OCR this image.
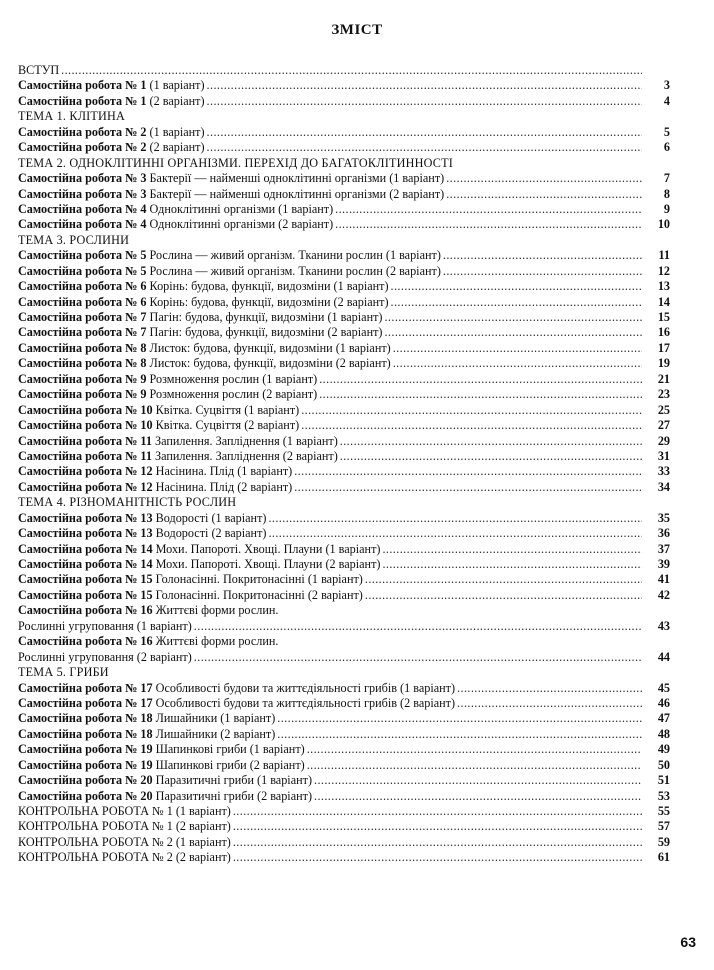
ЗМІСТ
ВСТУП
.....
Самостійна робота № 1 (1 варіант) .....	3
Самостійна робота № 1 (2 варіант) .....	4
ТЕМА 1. КЛІТИНА
Самостійна робота № 2 (1 варіант) .....	5
Самостійна робота № 2 (2 варіант) .....	6
ТЕМА 2. ОДНОКЛІТИННІ ОРГАНІЗМИ. ПЕРЕХІД ДО БАГАТОКЛІТИННОСТІ
Самостійна робота № 3 Бактерії — найменші одноклітинні організми (1 варіант) .....	7
Самостійна робота № 3 Бактерії — найменші одноклітинні організми (2 варіант) .....	8
Самостійна робота № 4 Одноклітинні організми (1 варіант) .....	9
Самостійна робота № 4 Одноклітинні організми (2 варіант) .....	10
ТЕМА 3. РОСЛИНИ
Самостійна робота № 5 Рослина — живий організм. Тканини рослин (1 варіант) .....	11
Самостійна робота № 5 Рослина — живий організм. Тканини рослин (2 варіант) .....	12
Самостійна робота № 6 Корінь: будова, функції, видозміни (1 варіант) .....	13
Самостійна робота № 6 Корінь: будова, функції, видозміни (2 варіант) .....	14
Самостійна робота № 7 Пагін: будова, функції, видозміни (1 варіант) .....	15
Самостійна робота № 7 Пагін: будова, функції, видозміни (2 варіант) .....	16
Самостійна робота № 8 Листок: будова, функції, видозміни (1 варіант) .....	17
Самостійна робота № 8 Листок: будова, функції, видозміни (2 варіант) .....	19
Самостійна робота № 9 Розмноження рослин (1 варіант) .....	21
Самостійна робота № 9 Розмноження рослин (2 варіант) .....	23
Самостійна робота № 10 Квітка. Суцвіття (1 варіант) .....	25
Самостійна робота № 10 Квітка. Суцвіття (2 варіант) .....	27
Самостійна робота № 11 Запилення. Запліднення (1 варіант) .....	29
Самостійна робота № 11 Запилення. Запліднення (2 варіант) .....	31
Самостійна робота № 12 Насінина. Плід (1 варіант) .....	33
Самостійна робота № 12 Насінина. Плід (2 варіант) .....	34
ТЕМА 4. РІЗНОМАНІТНІСТЬ РОСЛИН
Самостійна робота № 13 Водорості (1 варіант) .....	35
Самостійна робота № 13 Водорості (2 варіант) .....	36
Самостійна робота № 14 Мохи. Папороті. Хвощі. Плауни (1 варіант) .....	37
Самостійна робота № 14 Мохи. Папороті. Хвощі. Плауни (2 варіант) .....	39
Самостійна робота № 15 Голонасінні. Покритонасінні (1 варіант) .....	41
Самостійна робота № 15 Голонасінні. Покритонасінні (2 варіант) .....	42
Самостійна робота № 16 Життєві форми рослин.
Рослинні угруповання (1 варіант) .....	43
Самостійна робота № 16 Життєві форми рослин.
Рослинні угруповання (2 варіант) .....	44
ТЕМА 5. ГРИБИ
Самостійна робота № 17 Особливості будови та життєдіяльності грибів (1 варіант) .....	45
Самостійна робота № 17 Особливості будови та життєдіяльності грибів (2 варіант) .....	46
Самостійна робота № 18 Лишайники (1 варіант) .....	47
Самостійна робота № 18 Лишайники (2 варіант) .....	48
Самостійна робота № 19 Шапинкові гриби (1 варіант) .....	49
Самостійна робота № 19 Шапинкові гриби (2 варіант) .....	50
Самостійна робота № 20 Паразитичні гриби (1 варіант) .....	51
Самостійна робота № 20 Паразитичні гриби (2 варіант) .....	53
КОНТРОЛЬНА РОБОТА № 1 (1 варіант) .....	55
КОНТРОЛЬНА РОБОТА № 1 (2 варіант) .....	57
КОНТРОЛЬНА РОБОТА № 2 (1 варіант) .....	59
КОНТРОЛЬНА РОБОТА № 2 (2 варіант) .....	61
63
